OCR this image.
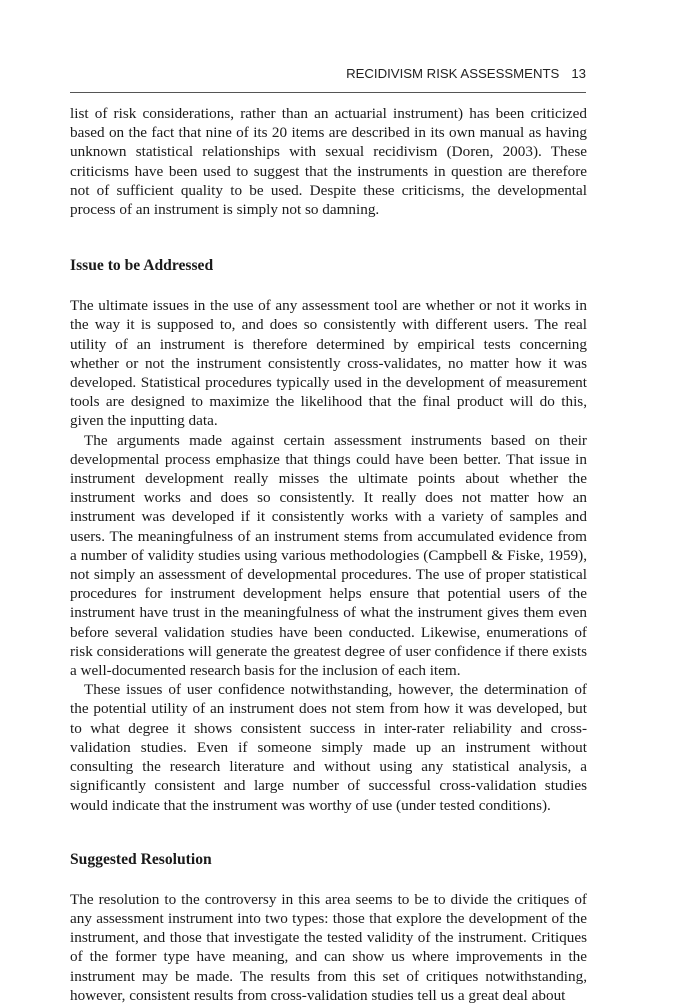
RECIDIVISM RISK ASSESSMENTS 13

list of risk considerations, rather than an actuarial instrument) has been criticized based on the fact that nine of its 20 items are described in its own manual as having unknown statistical relationships with sexual recidivism (Doren, 2003). These criticisms have been used to suggest that the instruments in question are therefore not of sufficient quality to be used. Despite these criticisms, the developmental process of an instrument is simply not so damning.

Issue to be Addressed

The ultimate issues in the use of any assessment tool are whether or not it works in the way it is supposed to, and does so consistently with different users. The real utility of an instrument is therefore determined by empirical tests concerning whether or not the instrument consistently cross-validates, no matter how it was developed. Statistical procedures typically used in the development of measurement tools are designed to maximize the likelihood that the final product will do this, given the inputting data.

The arguments made against certain assessment instruments based on their developmental process emphasize that things could have been better. That issue in instrument development really misses the ultimate points about whether the instrument works and does so consistently. It really does not matter how an instrument was developed if it consistently works with a variety of samples and users. The meaningfulness of an instrument stems from accumulated evidence from a number of validity studies using various methodologies (Campbell & Fiske, 1959), not simply an assessment of developmental procedures. The use of proper statistical procedures for instrument development helps ensure that potential users of the instrument have trust in the meaningfulness of what the instrument gives them even before several validation studies have been conducted. Likewise, enumerations of risk considerations will generate the greatest degree of user confidence if there exists a well-documented research basis for the inclusion of each item.

These issues of user confidence notwithstanding, however, the determination of the potential utility of an instrument does not stem from how it was developed, but to what degree it shows consistent success in inter-rater reliability and cross-validation studies. Even if someone simply made up an instrument without consulting the research literature and without using any statistical analysis, a significantly consistent and large number of successful cross-validation studies would indicate that the instrument was worthy of use (under tested conditions).

Suggested Resolution

The resolution to the controversy in this area seems to be to divide the critiques of any assessment instrument into two types: those that explore the development of the instrument, and those that investigate the tested validity of the instrument. Critiques of the former type have meaning, and can show us where improvements in the instrument may be made. The results from this set of critiques notwithstanding, however, consistent results from cross-validation studies tell us a great deal about
